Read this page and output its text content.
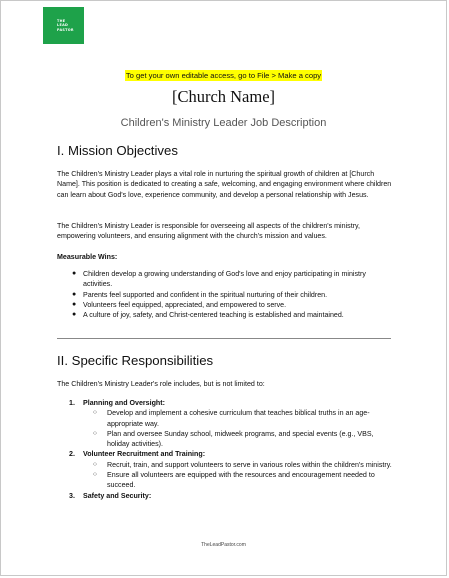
THE
LEAD
PASTOR
To get your own editable access, go to File > Make a copy
[Church Name]
Children's Ministry Leader Job Description
I. Mission Objectives
The Children's Ministry Leader plays a vital role in nurturing the spiritual growth of children at [Church Name]. This position is dedicated to creating a safe, welcoming, and engaging environment where children can learn about God's love, experience community, and develop a personal relationship with Jesus.
The Children's Ministry Leader is responsible for overseeing all aspects of the children's ministry, empowering volunteers, and ensuring alignment with the church's mission and values.
Measurable Wins:
● Children develop a growing understanding of God's love and enjoy participating in ministry activities.
● Parents feel supported and confident in the spiritual nurturing of their children.
● Volunteers feel equipped, appreciated, and empowered to serve.
● A culture of joy, safety, and Christ-centered teaching is established and maintained.
II. Specific Responsibilities
The Children's Ministry Leader's role includes, but is not limited to:
1. Planning and Oversight:
○ Develop and implement a cohesive curriculum that teaches biblical truths in an age-appropriate way.
○ Plan and oversee Sunday school, midweek programs, and special events (e.g., VBS, holiday activities).
2. Volunteer Recruitment and Training:
○ Recruit, train, and support volunteers to serve in various roles within the children's ministry.
○ Ensure all volunteers are equipped with the resources and encouragement needed to succeed.
3. Safety and Security:
TheLeadPastor.com
